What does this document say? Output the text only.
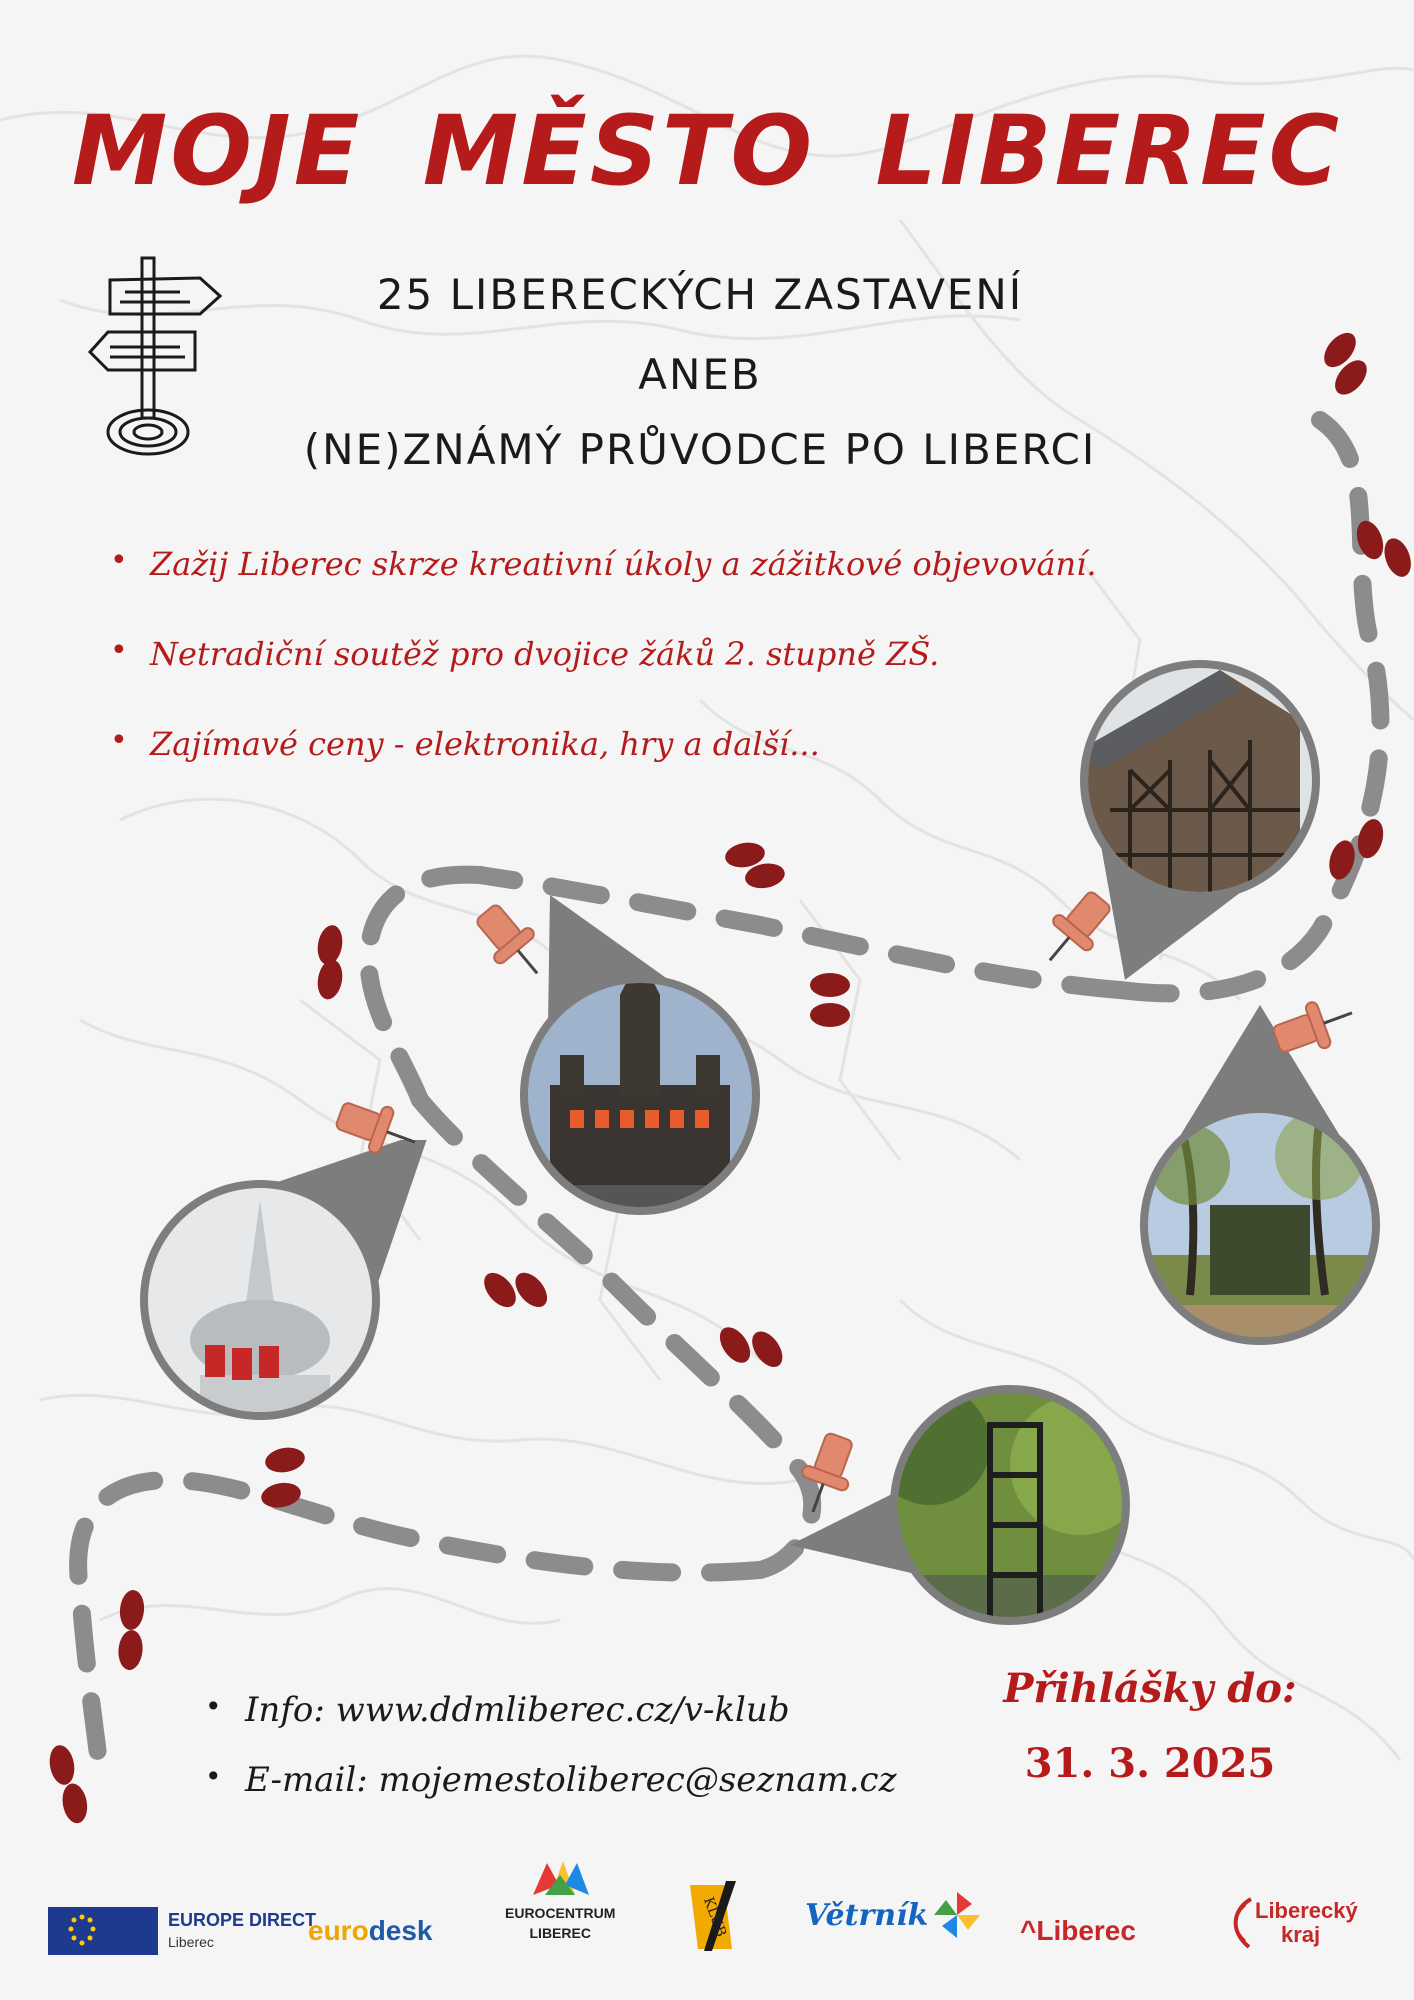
MOJE MĚSTO LIBEREC

25 LIBERECKÝCH ZASTAVENÍ

ANEB

(NE)ZNÁMÝ PRŮVODCE PO LIBERCI

• Zažij Liberec skrze kreativní úkoly a zážitkové objevování.
• Netradiční soutěž pro dvojice žáků 2. stupně ZŠ.
• Zajímavé ceny - elektronika, hry a další...
• Info: www.ddmliberec.cz/v-klub
• E-mail: mojemestoliberec@seznam.cz

Přihlášky do:

31. 3. 2025

EUROPE DIRECT
Liberec	euro desk
EUROCENTRUM
LIBEREC	KLUB	Větrník	^Liberec
Liberecký
kraj
